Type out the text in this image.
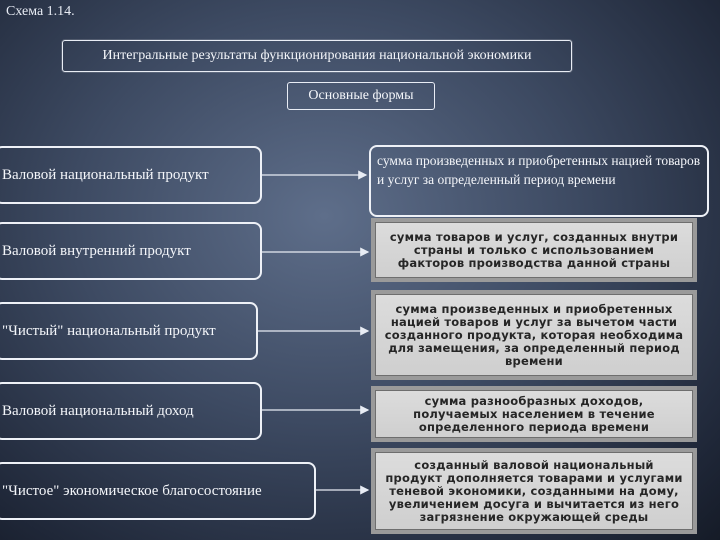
Схема 1.14.
Интегральные результаты функционирования национальной экономики
Основные формы
Валовой национальный продукт
Валовой внутренний продукт
"Чистый" национальный продукт
Валовой национальный доход
"Чистое" экономическое благосостояние
сумма произведенных и приобретенных нацией товаров и услуг за определенный период времени
сумма товаров и услуг, созданных внутри страны и только с использованием факторов производства данной страны
сумма произведенных и приобретенных нацией товаров и услуг за вычетом части созданного продукта, которая необходима для замещения, за определенный период времени
сумма разнообразных доходов, получаемых населением в течение определенного периода времени
созданный валовой национальный продукт дополняется товарами и услугами теневой экономики, созданными на дому, увеличением досуга и вычитается из него загрязнение окружающей среды
